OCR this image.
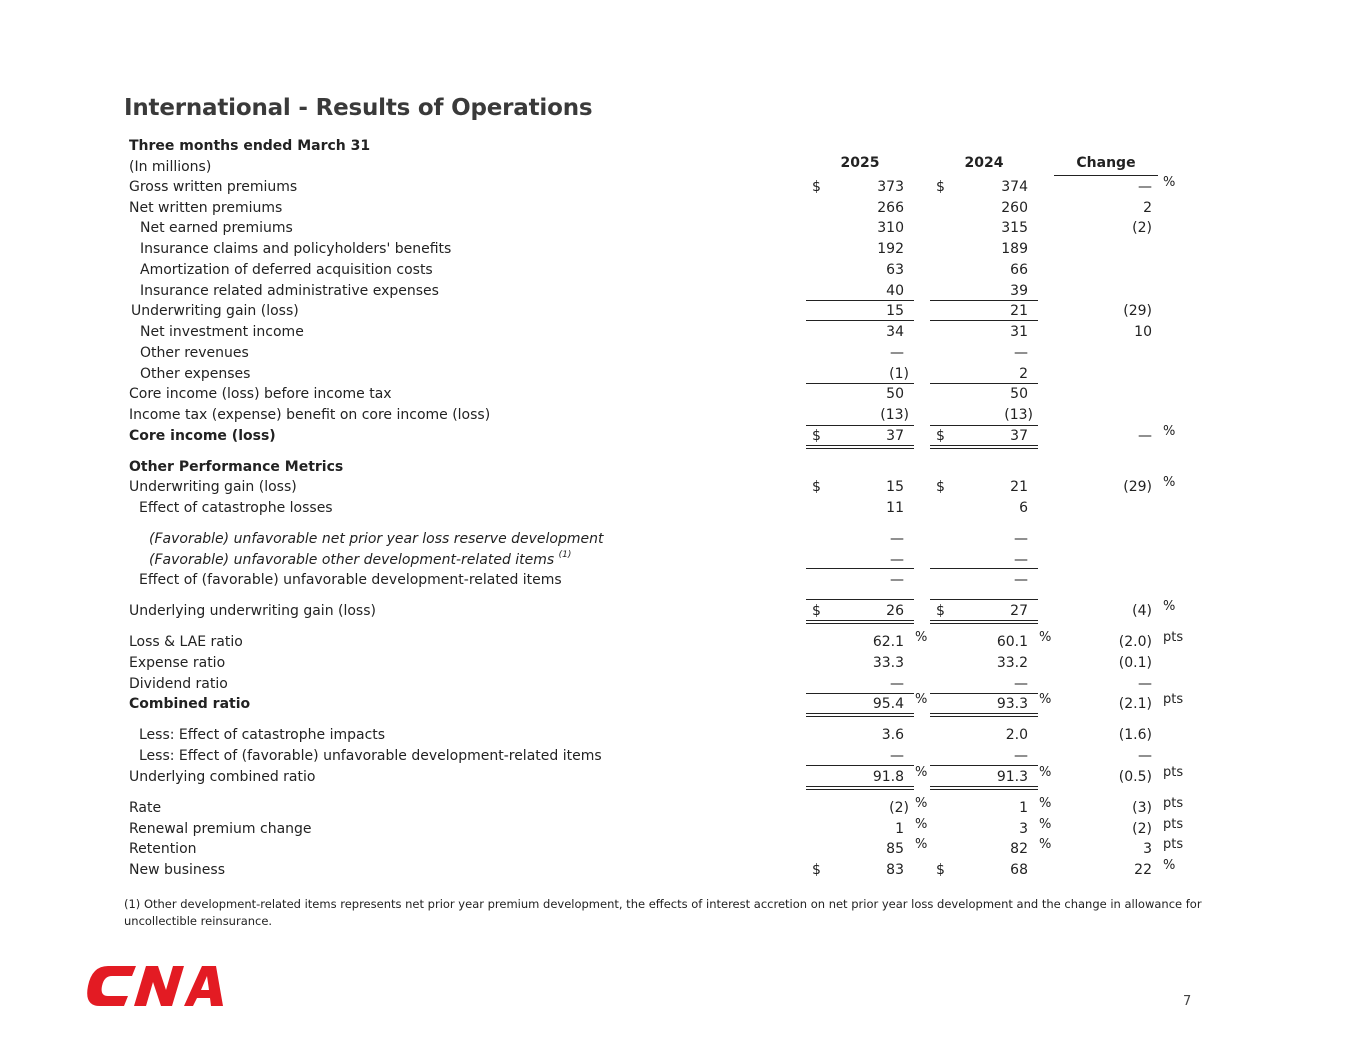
International - Results of Operations
Three months ended March 31
(In millions)	2025	2024	Change
Gross written premiums	$	373 $	374	— %
Net written premiums	266	260	2
Net earned premiums	310	315	(2)
Insurance claims and policyholders' benefits	192	189
Amortization of deferred acquisition costs	63	66
Insurance related administrative expenses	40	39
Underwriting gain (loss)	15	21	(29)
Net investment income	34	31	10
Other revenues	—	—
Other expenses	(1)	2
Core income (loss) before income tax	50	50
Income tax (expense) benefit on core income (loss)	(13)	(13)
Core income (loss)	$	37 $	37	— %
Other Performance Metrics
Underwriting gain (loss)	$	15 $	21	(29) %
Effect of catastrophe losses	11	6
(Favorable) unfavorable net prior year loss reserve development	—	—
(Favorable) unfavorable other development-related items $^{(1)}$	—	—
Effect of (favorable) unfavorable development-related items	—	—
Underlying underwriting gain (loss)	$	26 $	27	(4) %
Loss & LAE ratio	62.1 %	60.1 %	(2.0) pts
Expense ratio	33.3	33.2	(0.1)
Dividend ratio	—	—	—
Combined ratio	95.4 %	93.3 %	(2.1) pts
Less: Effect of catastrophe impacts	3.6	2.0	(1.6)
Less: Effect of (favorable) unfavorable development-related items	—	—	—
Underlying combined ratio	91.8 %	91.3 %	(0.5) pts
Rate	(2) %	1 %	(3) pts
Renewal premium change	1 %	3 %	(2) pts
Retention	85 %	82 %	3 pts
New business	$	83 $	68	22 %
(1) Other development-related items represents net prior year premium development, the effects of interest accretion on net prior year loss development and the change in allowance for uncollectible reinsurance.
7
